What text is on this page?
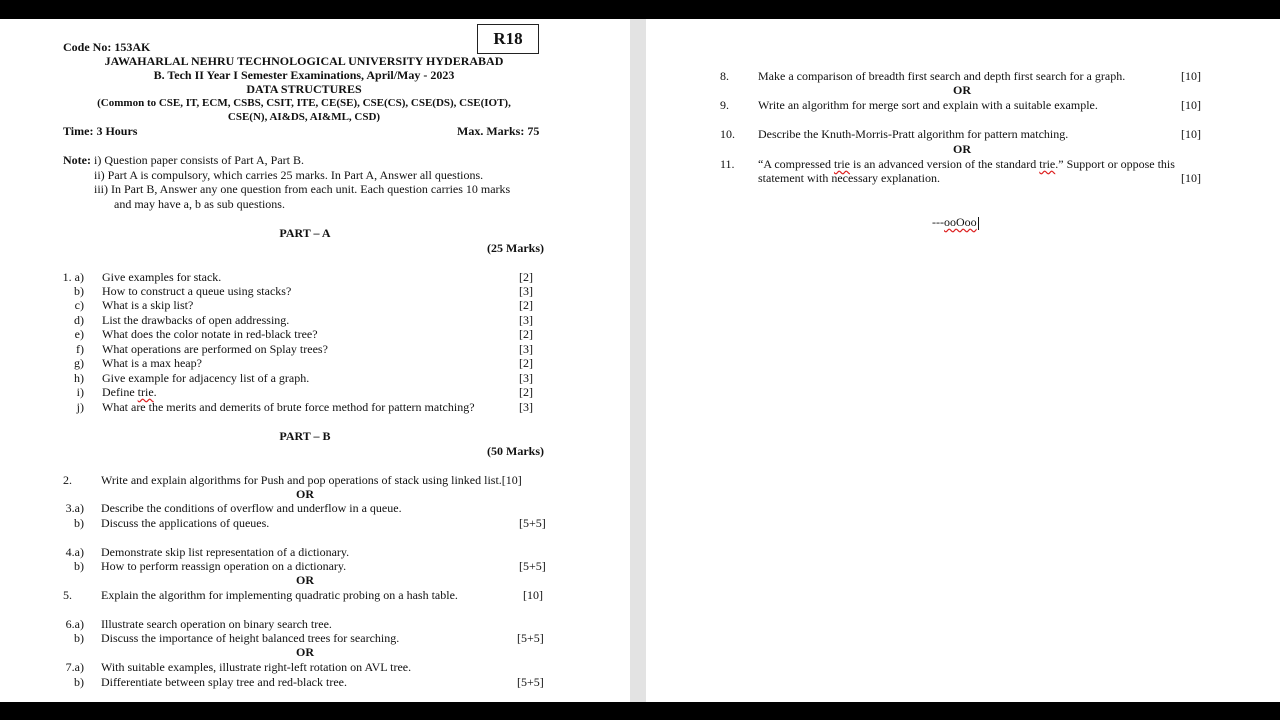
Code No: 153AK	R18
JAWAHARLAL NEHRU TECHNOLOGICAL UNIVERSITY HYDERABAD
B. Tech II Year I Semester Examinations, April/May - 2023
DATA STRUCTURES
(Common to CSE, IT, ECM, CSBS, CSIT, ITE, CE(SE), CSE(CS), CSE(DS), CSE(IOT),
CSE(N), AI&DS, AI&ML, CSD)
Time: 3 Hours	Max. Marks: 75
Note: i) Question paper consists of Part A, Part B.
ii) Part A is compulsory, which carries 25 marks. In Part A, Answer all questions.
iii) In Part B, Answer any one question from each unit. Each question carries 10 marks
and may have a, b as sub questions.
PART – A
(25 Marks)
1. a) Give examples for stack.	[2]
b) How to construct a queue using stacks?	[3]
c) What is a skip list?	[2]
d) List the drawbacks of open addressing.	[3]
e) What does the color notate in red-black tree?	[2]
f) What operations are performed on Splay trees?	[3]
g) What is a max heap?	[2]
h) Give example for adjacency list of a graph.	[3]
i) Define trie.	[2]
j) What are the merits and demerits of brute force method for pattern matching?	[3]
PART – B
(50 Marks)
2. Write and explain algorithms for Push and pop operations of stack using linked list.[10]
OR
3.a) Describe the conditions of overflow and underflow in a queue.
b) Discuss the applications of queues.	[5+5]
4.a) Demonstrate skip list representation of a dictionary.
b) How to perform reassign operation on a dictionary.	[5+5]
OR
5. Explain the algorithm for implementing quadratic probing on a hash table.	[10]
6.a) Illustrate search operation on binary search tree.
b) Discuss the importance of height balanced trees for searching.	[5+5]
OR
7.a) With suitable examples, illustrate right-left rotation on AVL tree.
b) Differentiate between splay tree and red-black tree.	[5+5]
8. Make a comparison of breadth first search and depth first search for a graph.	[10]
OR
9. Write an algorithm for merge sort and explain with a suitable example.	[10]
10. Describe the Knuth-Morris-Pratt algorithm for pattern matching.	[10]
OR
11. “A compressed trie is an advanced version of the standard trie.” Support or oppose this
statement with necessary explanation.	[10]
---ooOoo
